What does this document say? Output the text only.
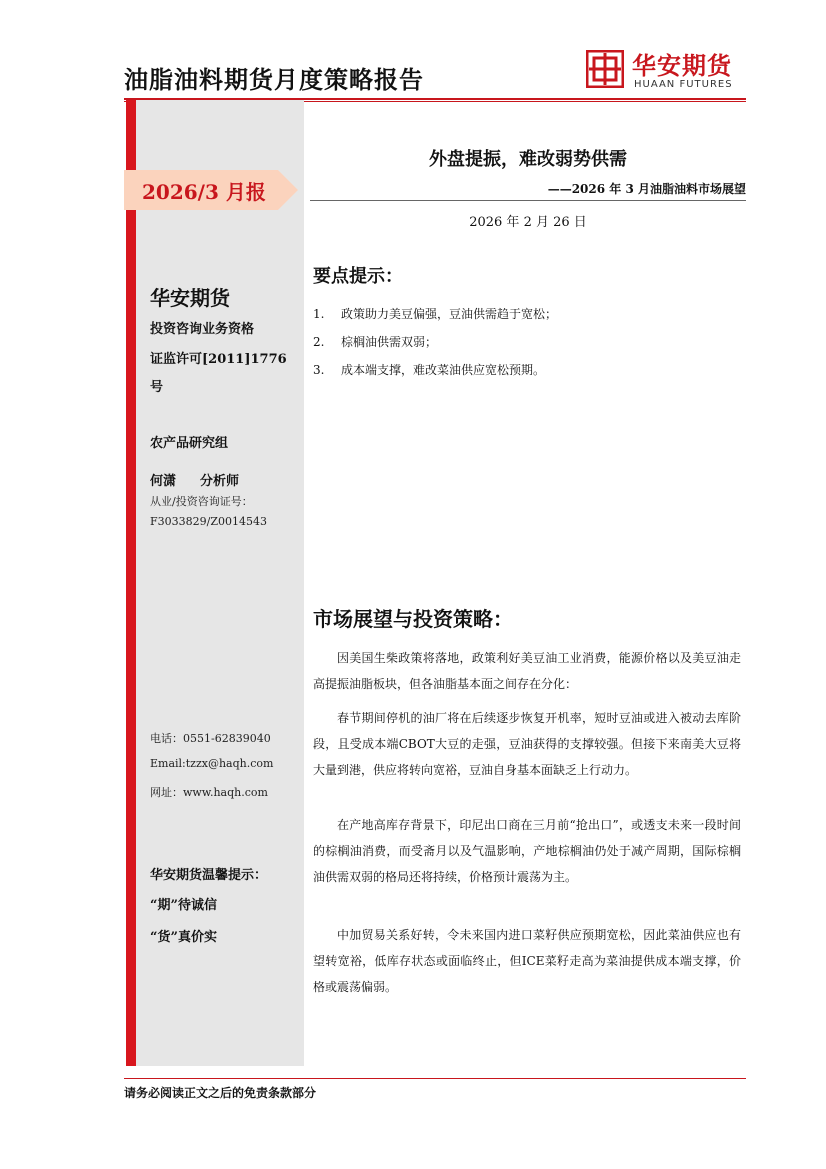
油脂油料期货月度策略报告	华安期货
HUAAN FUTURES
2026/3 月报
华安期货
投资咨询业务资格
证监许可[2011]1776
号
农产品研究组
何潇 分析师
从业/投资咨询证号：
F3033829/Z0014543
电话：0551-62839040
Email:tzzx@haqh.com
网址：www.haqh.com
华安期货温馨提示：
“期”待诚信
“货”真价实
外盘提振，难改弱势供需
——2026 年 3 月油脂油料市场展望
2026 年 2 月 26 日
要点提示：
1. 政策助力美豆偏强，豆油供需趋于宽松；
2. 棕榈油供需双弱；
3. 成本端支撑，难改菜油供应宽松预期。
市场展望与投资策略：
因美国生柴政策将落地，政策利好美豆油工业消费，能源价格以及美豆油走高提振油脂板块，但各油脂基本面之间存在分化：
春节期间停机的油厂将在后续逐步恢复开机率，短时豆油或进入被动去库阶段，且受成本端CBOT大豆的走强，豆油获得的支撑较强。但接下来南美大豆将大量到港，供应将转向宽裕，豆油自身基本面缺乏上行动力。
在产地高库存背景下，印尼出口商在三月前“抢出口”，或透支未来一段时间的棕榈油消费，而受斋月以及气温影响，产地棕榈油仍处于减产周期，国际棕榈油供需双弱的格局还将持续，价格预计震荡为主。
中加贸易关系好转，令未来国内进口菜籽供应预期宽松，因此菜油供应也有望转宽裕，低库存状态或面临终止，但ICE菜籽走高为菜油提供成本端支撑，价格或震荡偏弱。
请务必阅读正文之后的免责条款部分
